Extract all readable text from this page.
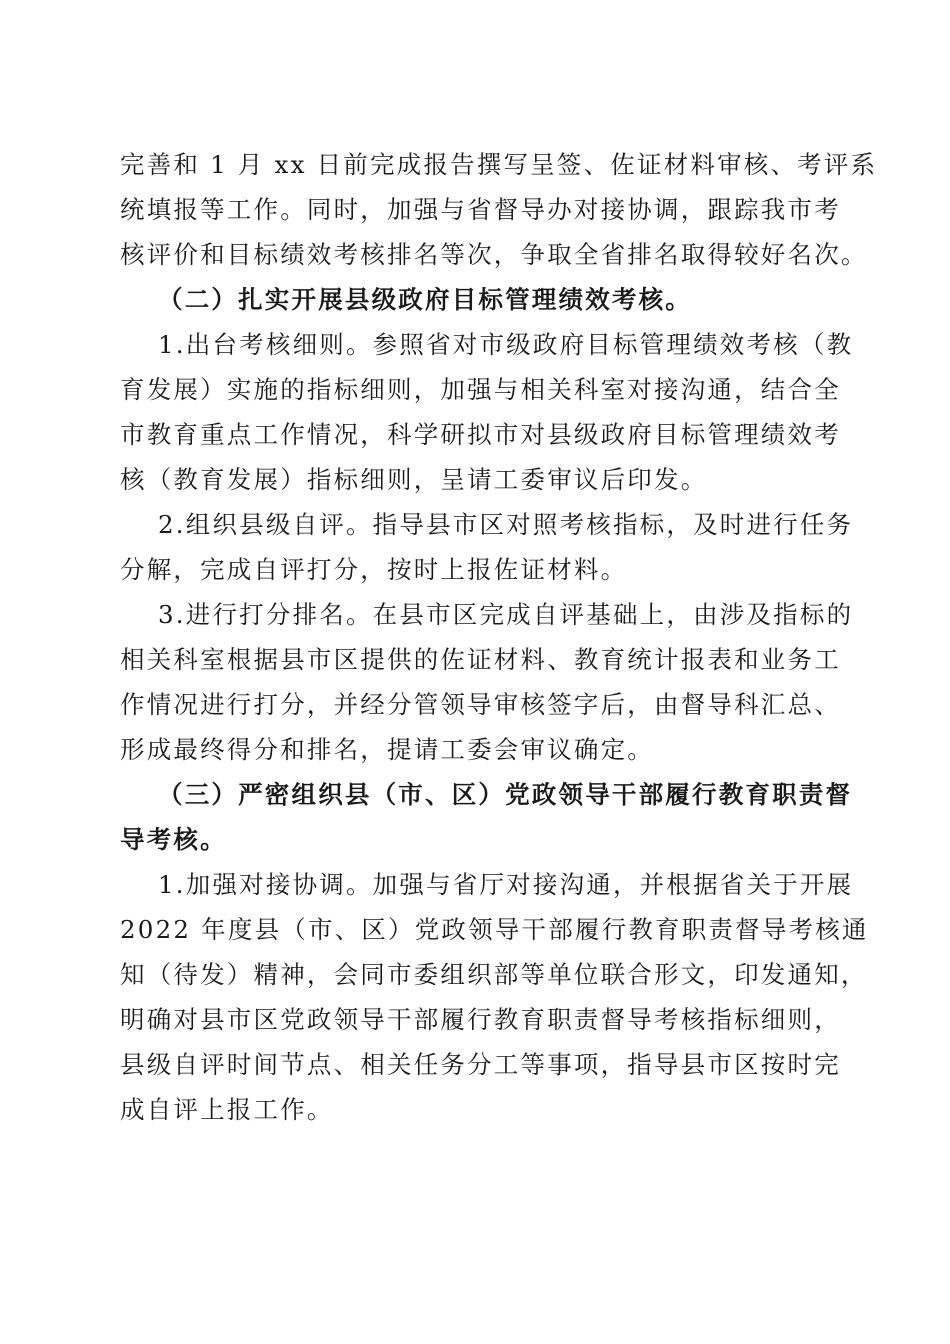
完善和 1 月 xx 日前完成报告撰写呈签、佐证材料审核、考评系
统填报等工作。同时，加强与省督导办对接协调，跟踪我市考
核评价和目标绩效考核排名等次，争取全省排名取得较好名次。
（二）扎实开展县级政府目标管理绩效考核。
1.出台考核细则。参照省对市级政府目标管理绩效考核（教
育发展）实施的指标细则，加强与相关科室对接沟通，结合全
市教育重点工作情况，科学研拟市对县级政府目标管理绩效考
核（教育发展）指标细则，呈请工委审议后印发。
2.组织县级自评。指导县市区对照考核指标，及时进行任务
分解，完成自评打分，按时上报佐证材料。
3.进行打分排名。在县市区完成自评基础上，由涉及指标的
相关科室根据县市区提供的佐证材料、教育统计报表和业务工
作情况进行打分，并经分管领导审核签字后，由督导科汇总、
形成最终得分和排名，提请工委会审议确定。
（三）严密组织县（市、区）党政领导干部履行教育职责督
导考核。
1.加强对接协调。加强与省厅对接沟通，并根据省关于开展
2022 年度县（市、区）党政领导干部履行教育职责督导考核通
知（待发）精神，会同市委组织部等单位联合形文，印发通知，
明确对县市区党政领导干部履行教育职责督导考核指标细则，
县级自评时间节点、相关任务分工等事项，指导县市区按时完
成自评上报工作。
